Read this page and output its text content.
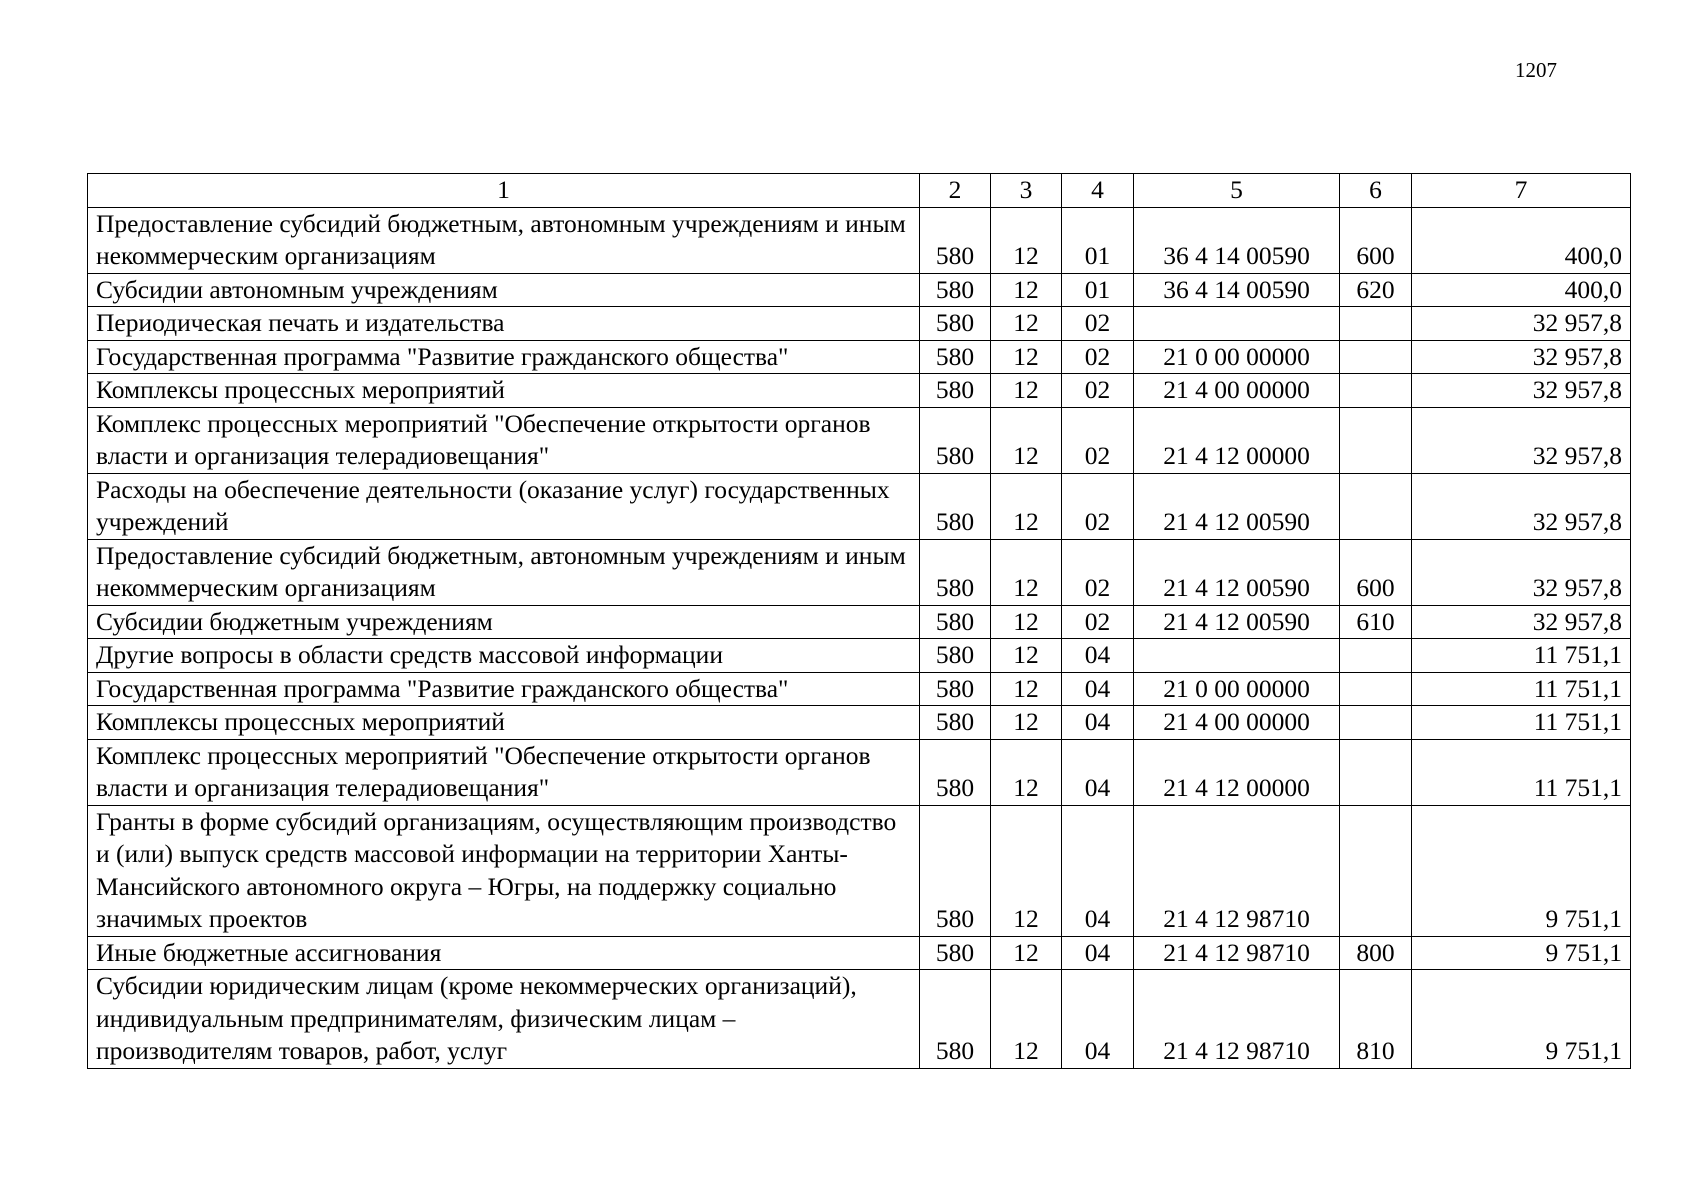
1207
1	2	3	4	5	6	7
Предоставление субсидий бюджетным, автономным учреждениям и иным некоммерческим организациям	580	12	01	36 4 14 00590	600	400,0
Субсидии автономным учреждениям	580	12	01	36 4 14 00590	620	400,0
Периодическая печать и издательства	580	12	02			32 957,8
Государственная программа "Развитие гражданского общества"	580	12	02	21 0 00 00000		32 957,8
Комплексы процессных мероприятий	580	12	02	21 4 00 00000		32 957,8
Комплекс процессных мероприятий "Обеспечение открытости органов власти и организация телерадиовещания"	580	12	02	21 4 12 00000		32 957,8
Расходы на обеспечение деятельности (оказание услуг) государственных учреждений	580	12	02	21 4 12 00590		32 957,8
Предоставление субсидий бюджетным, автономным учреждениям и иным некоммерческим организациям	580	12	02	21 4 12 00590	600	32 957,8
Субсидии бюджетным учреждениям	580	12	02	21 4 12 00590	610	32 957,8
Другие вопросы в области средств массовой информации	580	12	04			11 751,1
Государственная программа "Развитие гражданского общества"	580	12	04	21 0 00 00000		11 751,1
Комплексы процессных мероприятий	580	12	04	21 4 00 00000		11 751,1
Комплекс процессных мероприятий "Обеспечение открытости органов власти и организация телерадиовещания"	580	12	04	21 4 12 00000		11 751,1
Гранты в форме субсидий организациям, осуществляющим производство и (или) выпуск средств массовой информации на территории Ханты-Мансийского автономного округа – Югры, на поддержку социально значимых проектов	580	12	04	21 4 12 98710		9 751,1
Иные бюджетные ассигнования	580	12	04	21 4 12 98710	800	9 751,1
Субсидии юридическим лицам (кроме некоммерческих организаций), индивидуальным предпринимателям, физическим лицам – производителям товаров, работ, услуг	580	12	04	21 4 12 98710	810	9 751,1
